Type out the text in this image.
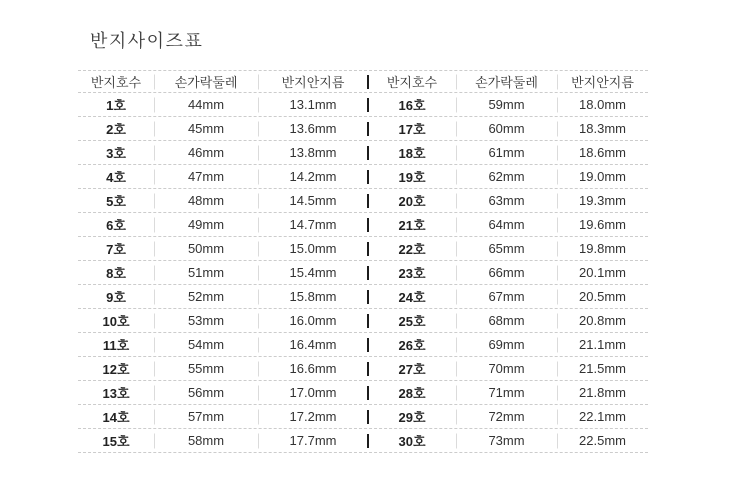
반지사이즈표
반지호수	손가락둘레	반지안지름	반지호수	손가락둘레	반지안지름
1호	44mm	13.1mm	16호	59mm	18.0mm
2호	45mm	13.6mm	17호	60mm	18.3mm
3호	46mm	13.8mm	18호	61mm	18.6mm
4호	47mm	14.2mm	19호	62mm	19.0mm
5호	48mm	14.5mm	20호	63mm	19.3mm
6호	49mm	14.7mm	21호	64mm	19.6mm
7호	50mm	15.0mm	22호	65mm	19.8mm
8호	51mm	15.4mm	23호	66mm	20.1mm
9호	52mm	15.8mm	24호	67mm	20.5mm
10호	53mm	16.0mm	25호	68mm	20.8mm
11호	54mm	16.4mm	26호	69mm	21.1mm
12호	55mm	16.6mm	27호	70mm	21.5mm
13호	56mm	17.0mm	28호	71mm	21.8mm
14호	57mm	17.2mm	29호	72mm	22.1mm
15호	58mm	17.7mm	30호	73mm	22.5mm
